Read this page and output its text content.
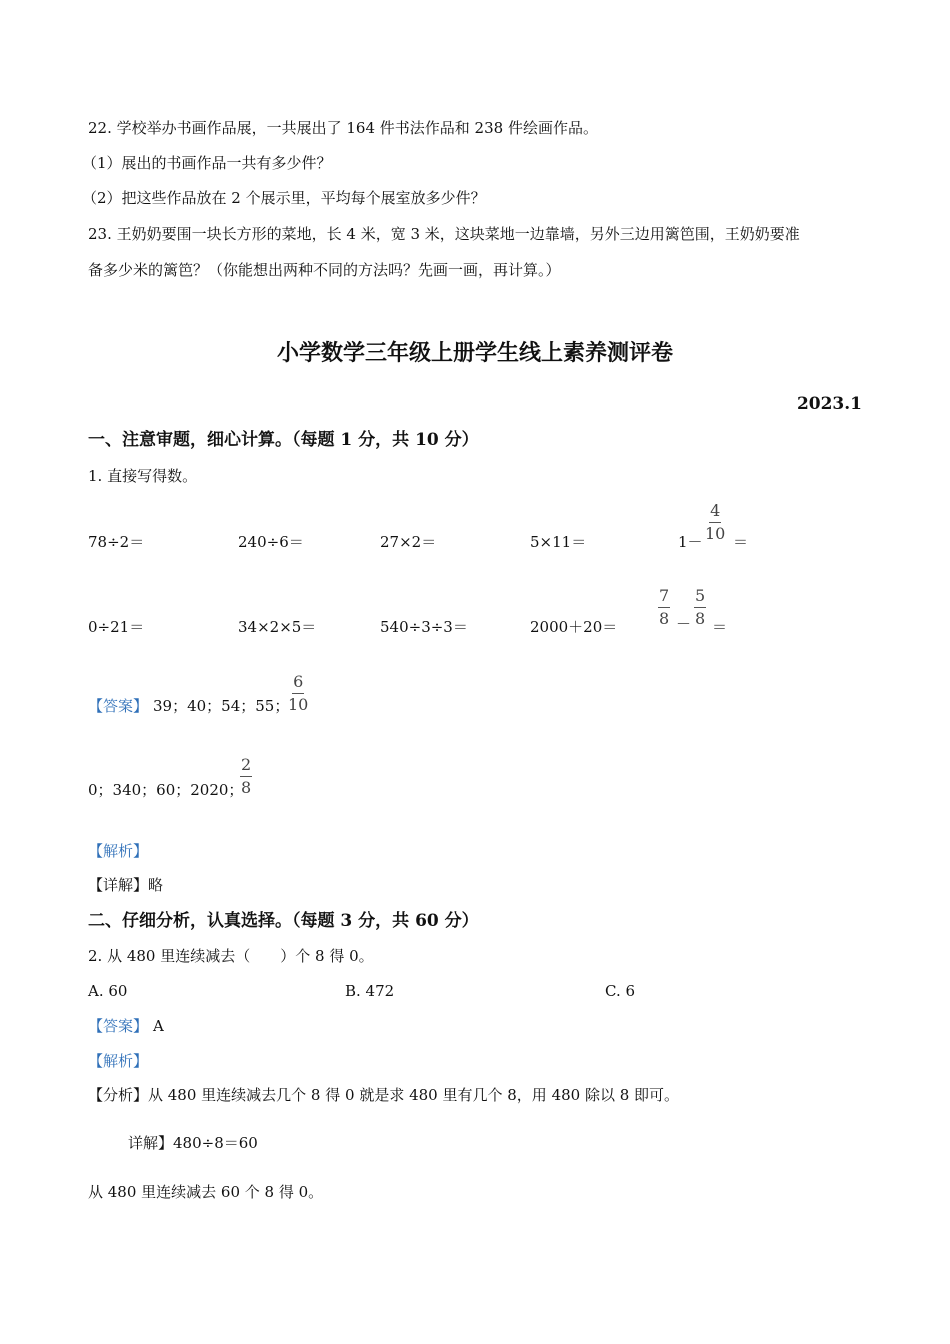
22. 学校举办书画作品展，一共展出了 164 件书法作品和 238 件绘画作品。
（1）展出的书画作品一共有多少件？
（2）把这些作品放在 2 个展示里，平均每个展室放多少件？
23. 王奶奶要围一块长方形的菜地，长 4 米，宽 3 米，这块菜地一边靠墙，另外三边用篱笆围，王奶奶要准
备多少米的篱笆？（你能想出两种不同的方法吗？先画一画，再计算。）
小学数学三年级上册学生线上素养测评卷
2023.1
一、注意审题，细心计算。（每题 1 分，共 10 分）
1. 直接写得数。
78÷2＝	240÷6＝	27×2＝	5×11＝	$1- \frac{4}{10}$ ＝
0÷21＝	34×2×5＝	540÷3÷3＝	2000＋20＝	$\frac{7}{8} - \frac{5}{8}$ ＝
【答案】 39；40；54；55；
$\frac{6}{10}$
0；340；60；2020；
$\frac{2}{8}$
【解析】
【详解】略
二、仔细分析，认真选择。（每题 3 分，共 60 分）
2. 从 480 里连续减去（　　）个 8 得 0。
A. 60	B. 472	C. 6
【答案】 A
【解析】
【分析】从 480 里连续减去几个 8 得 0 就是求 480 里有几个 8，用 480 除以 8 即可。
详解】480÷8＝60
从 480 里连续减去 60 个 8 得 0。
